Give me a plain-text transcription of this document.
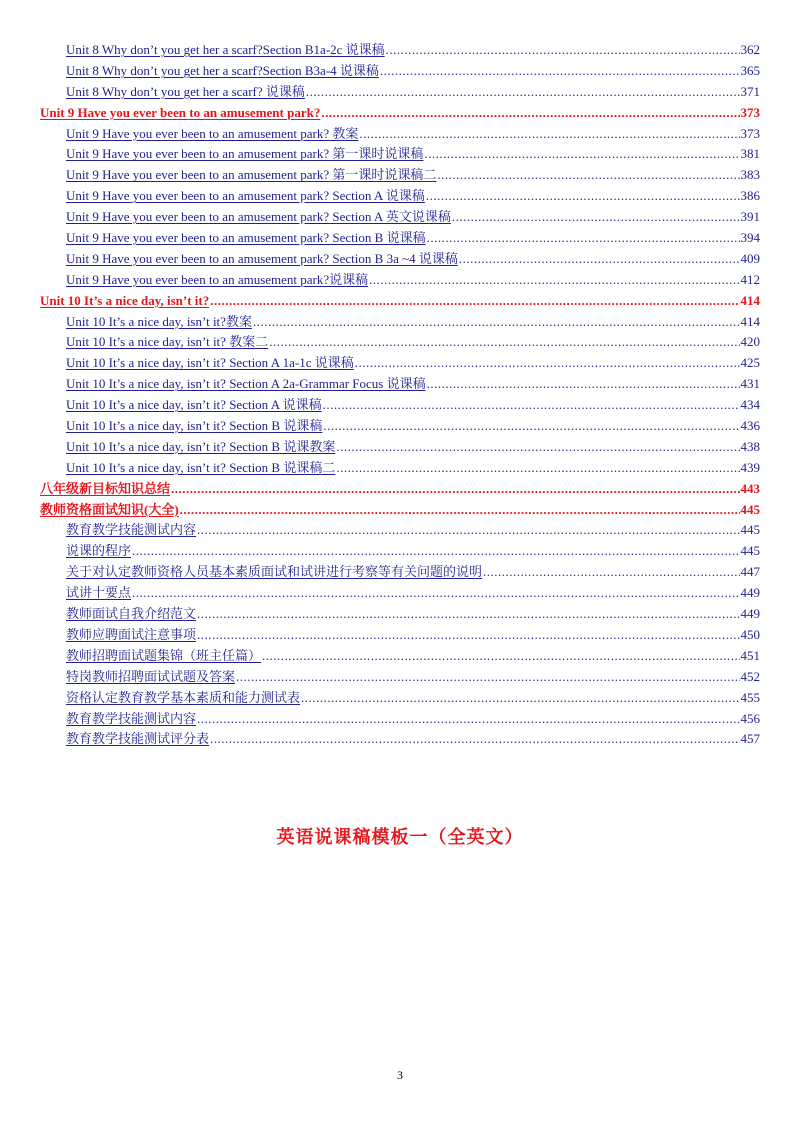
Unit 8 Why don’t you get her a scarf?Section B1a-2c 说课稿 .....	362
Unit 8 Why don’t you get her a scarf?Section B3a-4 说课稿 .....	365
Unit 8 Why don’t you get her a scarf? 说课稿 .....	371
Unit 9 Have you ever been to an amusement park? .....	373
Unit 9 Have you ever been to an amusement park? 教案 .....	373
Unit 9 Have you ever been to an amusement park? 第一课时说课稿 .....	381
Unit 9 Have you ever been to an amusement park? 第一课时说课稿二 .....	383
Unit 9 Have you ever been to an amusement park? Section A 说课稿 .....	386
Unit 9 Have you ever been to an amusement park? Section A 英文说课稿 .....	391
Unit 9 Have you ever been to an amusement park? Section B 说课稿 .....	394
Unit 9 Have you ever been to an amusement park? Section B 3a ~4 说课稿 .....	409
Unit 9 Have you ever been to an amusement park?说课稿 .....	412
Unit 10 It’s a nice day, isn’t it? .....	414
Unit 10 It’s a nice day, isn’t it?教案 .....	414
Unit 10 It’s a nice day, isn’t it? 教案二 .....	420
Unit 10 It’s a nice day, isn’t it? Section A 1a-1c 说课稿 .....	425
Unit 10 It’s a nice day, isn’t it? Section A 2a-Grammar Focus 说课稿 .....	431
Unit 10 It’s a nice day, isn’t it? Section A 说课稿 .....	434
Unit 10 It’s a nice day, isn’t it? Section B 说课稿 .....	436
Unit 10 It’s a nice day, isn’t it? Section B 说课教案 .....	438
Unit 10 It’s a nice day, isn’t it? Section B 说课稿二 .....	439
八年级新目标知识总结 .....	443
教师资格面试知识(大全) .....	445
教育教学技能测试内容 .....	445
说课的程序 .....	445
关于对认定教师资格人员基本素质面试和试讲进行考察等有关问题的说明 .....	447
试讲十要点 .....	449
教师面试自我介绍范文 .....	449
教师应聘面试注意事项 .....	450
教师招聘面试题集锦（班主任篇） .....	451
特岗教师招聘面试试题及答案 .....	452
资格认定教育教学基本素质和能力测试表 .....	455
教育教学技能测试内容 .....	456
教育教学技能测试评分表 .....	457
英语说课稿模板一（全英文）
3
